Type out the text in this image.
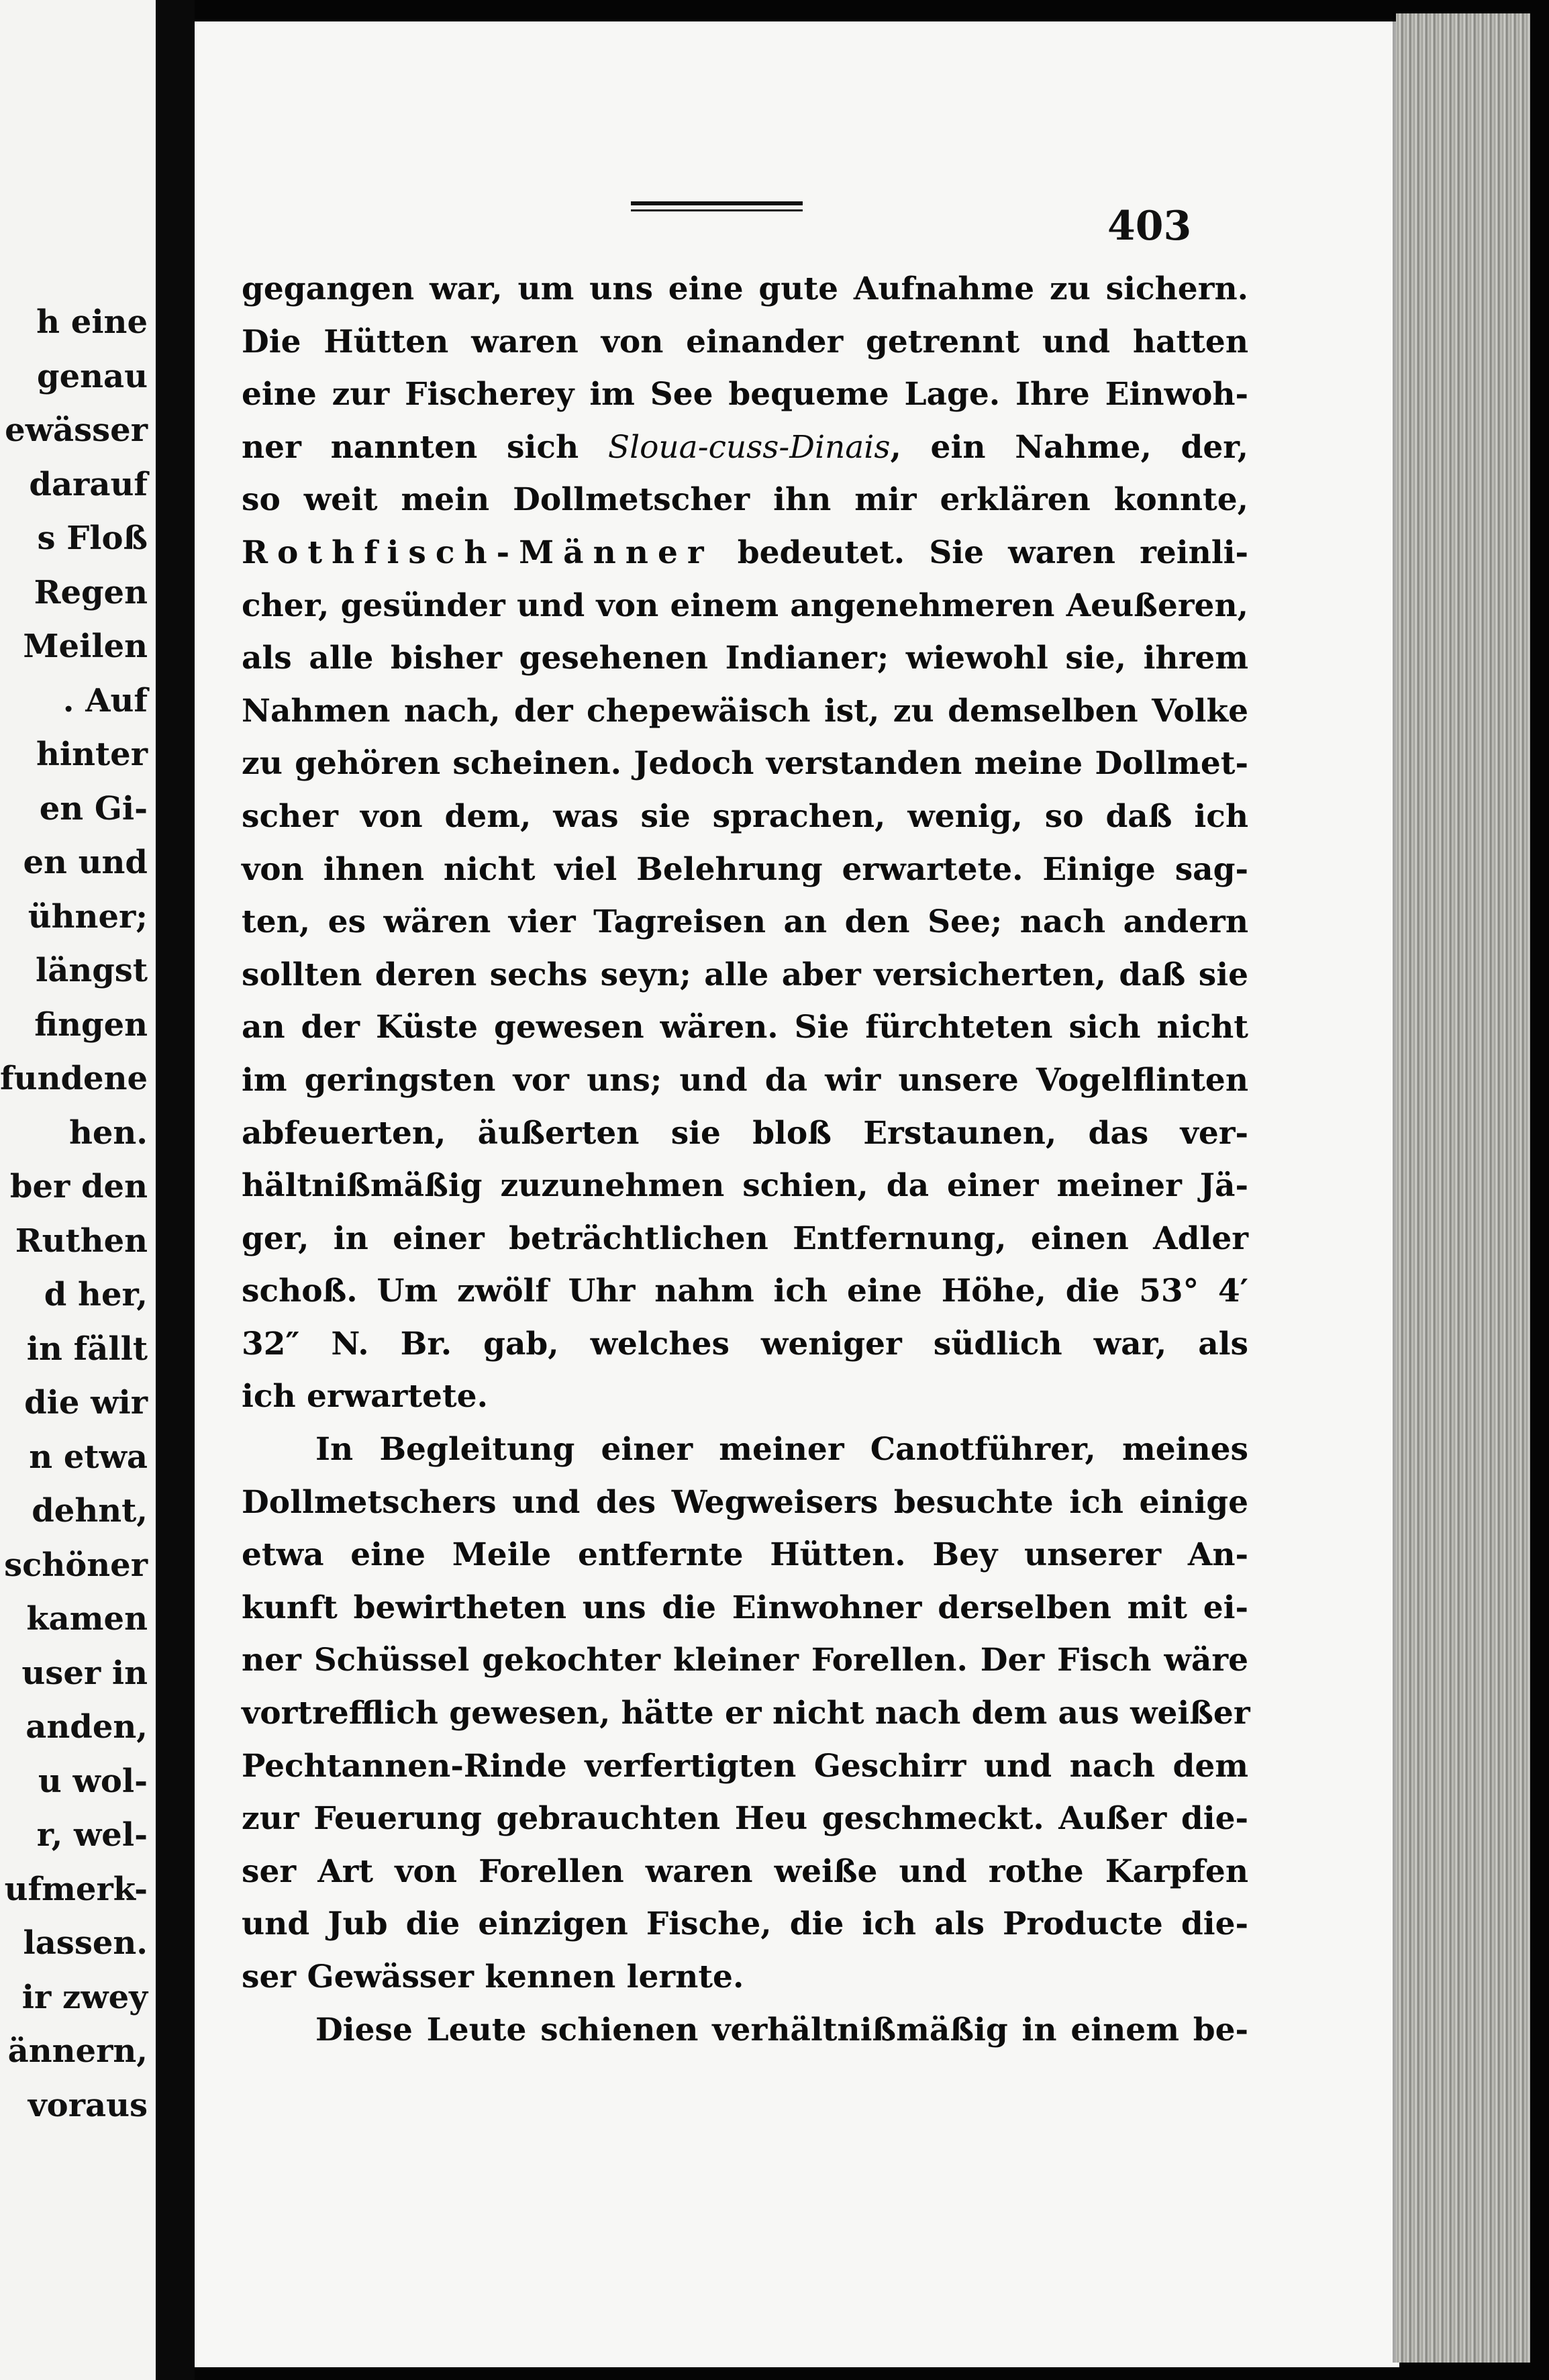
h eine
genau
ewässer
darauf
s Floß
Regen
Meilen
. Auf
hinter
en Gi-
en und
ühner;
längst
fingen
fundene
hen.
ber den
Ruthen
d her,
in fällt
die wir
n etwa
dehnt,
schöner
kamen
user in
anden,
u wol-
r, wel-
ufmerk-
lassen.
ir zwey
ännern,
voraus
403
gegangen war, um uns eine gute Aufnahme zu sichern.
Die Hütten waren von einander getrennt und hatten
eine zur Fischerey im See bequeme Lage. Ihre Einwoh-
ner nannten sich Sloua-cuss-Dinais, ein Nahme, der,
so weit mein Dollmetscher ihn mir erklären konnte,
Rothfisch-Männer bedeutet. Sie waren reinli-
cher, gesünder und von einem angenehmeren Aeußeren,
als alle bisher gesehenen Indianer; wiewohl sie, ihrem
Nahmen nach, der chepewäisch ist, zu demselben Volke
zu gehören scheinen. Jedoch verstanden meine Dollmet-
scher von dem, was sie sprachen, wenig, so daß ich
von ihnen nicht viel Belehrung erwartete. Einige sag-
ten, es wären vier Tagreisen an den See; nach andern
sollten deren sechs seyn; alle aber versicherten, daß sie
an der Küste gewesen wären. Sie fürchteten sich nicht
im geringsten vor uns; und da wir unsere Vogelflinten
abfeuerten, äußerten sie bloß Erstaunen, das ver-
hältnißmäßig zuzunehmen schien, da einer meiner Jä-
ger, in einer beträchtlichen Entfernung, einen Adler
schoß. Um zwölf Uhr nahm ich eine Höhe, die 53° 4′
32″ N. Br. gab, welches weniger südlich war, als
ich erwartete.
In Begleitung einer meiner Canotführer, meines
Dollmetschers und des Wegweisers besuchte ich einige
etwa eine Meile entfernte Hütten. Bey unserer An-
kunft bewirtheten uns die Einwohner derselben mit ei-
ner Schüssel gekochter kleiner Forellen. Der Fisch wäre
vortrefflich gewesen, hätte er nicht nach dem aus weißer
Pechtannen-Rinde verfertigten Geschirr und nach dem
zur Feuerung gebrauchten Heu geschmeckt. Außer die-
ser Art von Forellen waren weiße und rothe Karpfen
und Jub die einzigen Fische, die ich als Producte die-
ser Gewässer kennen lernte.
Diese Leute schienen verhältnißmäßig in einem be-
